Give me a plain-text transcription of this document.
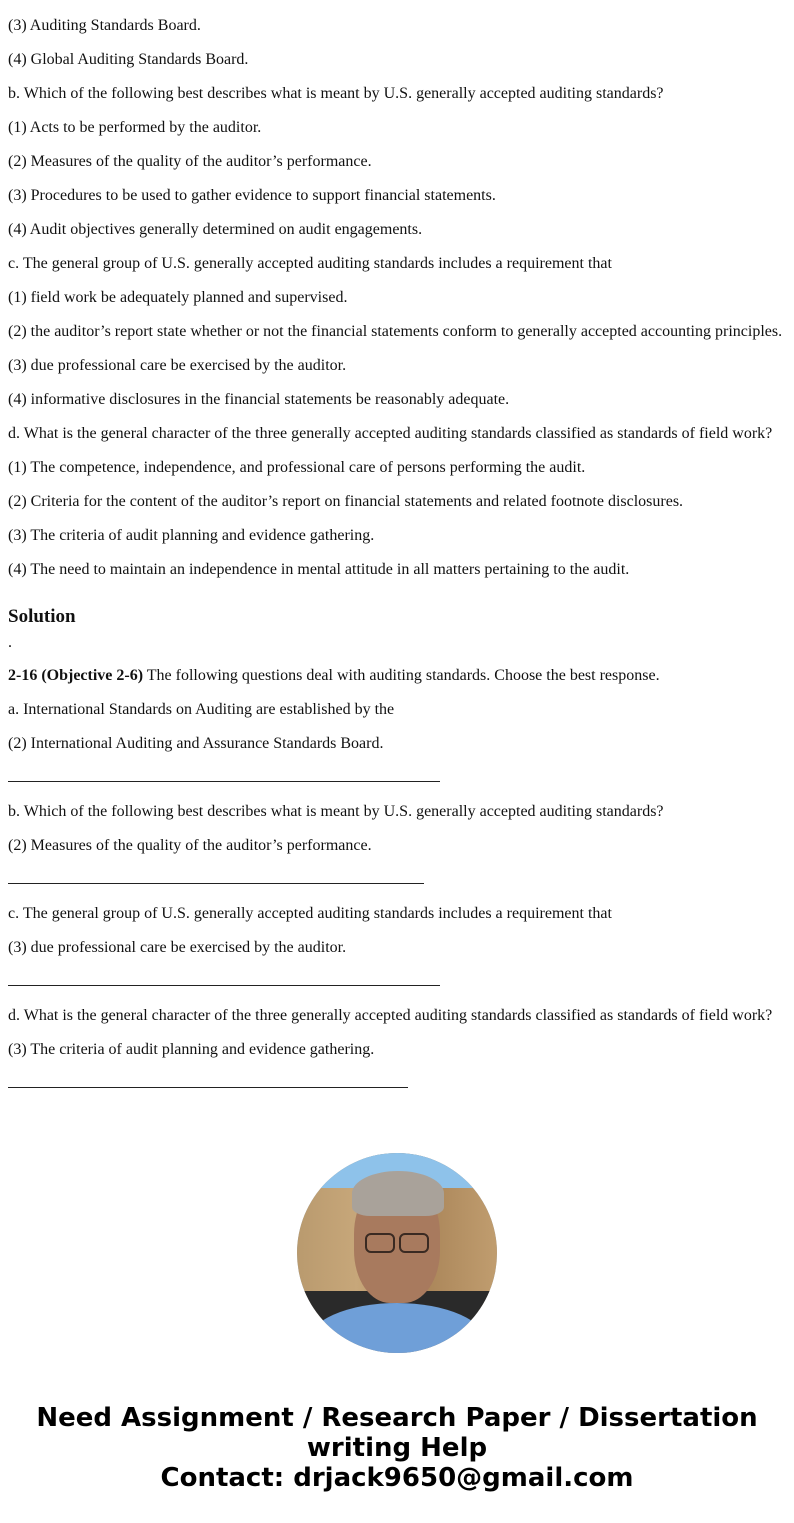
(3) Auditing Standards Board.

(4) Global Auditing Standards Board.

b. Which of the following best describes what is meant by U.S. generally accepted auditing standards?

(1) Acts to be performed by the auditor.

(2) Measures of the quality of the auditor’s performance.

(3) Procedures to be used to gather evidence to support financial statements.

(4) Audit objectives generally determined on audit engagements.

c. The general group of U.S. generally accepted auditing standards includes a requirement that

(1) field work be adequately planned and supervised.

(2) the auditor’s report state whether or not the financial statements conform to generally accepted accounting principles.

(3) due professional care be exercised by the auditor.

(4) informative disclosures in the financial statements be reasonably adequate.

d. What is the general character of the three generally accepted auditing standards classified as standards of field work?

(1) The competence, independence, and professional care of persons performing the audit.

(2) Criteria for the content of the auditor’s report on financial statements and related footnote disclosures.

(3) The criteria of audit planning and evidence gathering.

(4) The need to maintain an independence in mental attitude in all matters pertaining to the audit.

Solution

.

2-16 (Objective 2-6) The following questions deal with auditing standards. Choose the best response.

a. International Standards on Auditing are established by the

(2) International Auditing and Assurance Standards Board.

b. Which of the following best describes what is meant by U.S. generally accepted auditing standards?

(2) Measures of the quality of the auditor’s performance.

c. The general group of U.S. generally accepted auditing standards includes a requirement that

(3) due professional care be exercised by the auditor.

d. What is the general character of the three generally accepted auditing standards classified as standards of field work?

(3) The criteria of audit planning and evidence gathering.

Need Assignment / Research Paper / Dissertation
writing Help
Contact: drjack9650@gmail.com
